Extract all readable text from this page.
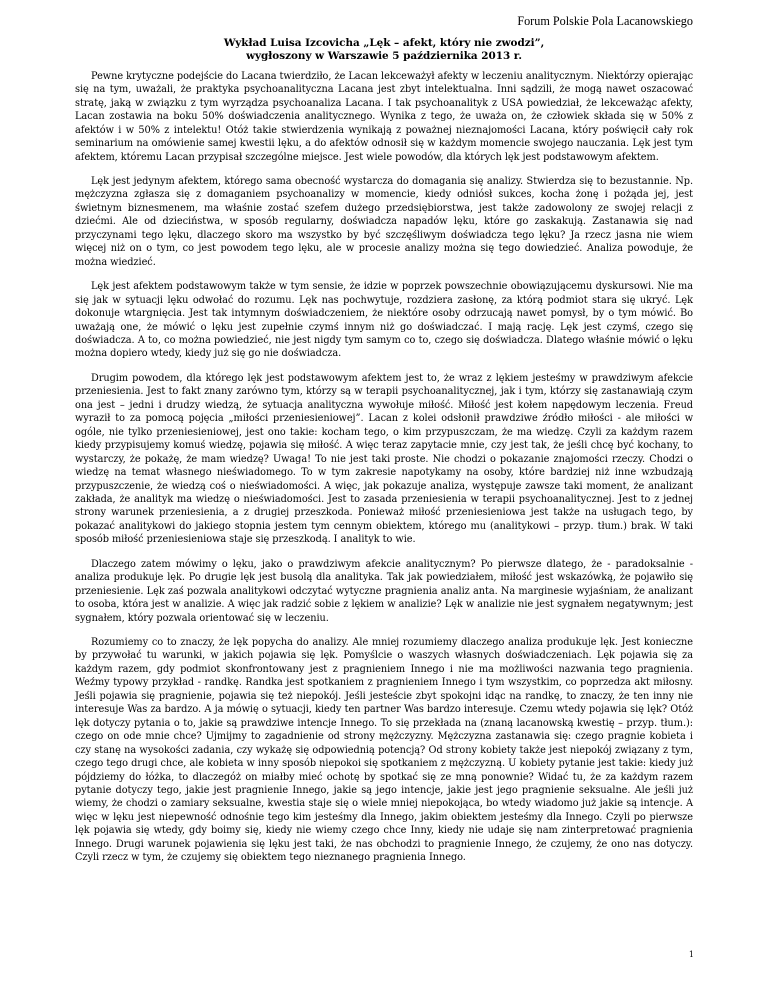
Forum Polskie Pola Lacanowskiego
Wykład Luisa Izcovicha „Lęk – afekt, który nie zwodzi”,
wygłoszony w Warszawie 5 października 2013 r.

Pewne krytyczne podejście do Lacana twierdziło, że Lacan lekceważył afekty w leczeniu analitycznym. Niektórzy opierając się na tym, uważali, że praktyka psychoanalityczna Lacana jest zbyt intelektualna. Inni sądzili, że mogą nawet oszacować stratę, jaką w związku z tym wyrządza psychoanaliza Lacana. I tak psychoanalityk z USA powiedział, że lekceważąc afekty, Lacan zostawia na boku 50% doświadczenia analitycznego. Wynika z tego, że uważa on, że człowiek składa się w 50% z afektów i w 50% z intelektu! Otóż takie stwierdzenia wynikają z poważnej nieznajomości Lacana, który poświęcił cały rok seminarium na omówienie samej kwestii lęku, a do afektów odnosił się w każdym momencie swojego nauczania. Lęk jest tym afektem, któremu Lacan przypisał szczególne miejsce. Jest wiele powodów, dla których lęk jest podstawowym afektem.

Lęk jest jedynym afektem, którego sama obecność wystarcza do domagania się analizy. Stwierdza się to bezustannie. Np. mężczyzna zgłasza się z domaganiem psychoanalizy w momencie, kiedy odniósł sukces, kocha żonę i pożąda jej, jest świetnym biznesmenem, ma właśnie zostać szefem dużego przedsiębiorstwa, jest także zadowolony ze swojej relacji z dziećmi. Ale od dzieciństwa, w sposób regularny, doświadcza napadów lęku, które go zaskakują. Zastanawia się nad przyczynami tego lęku, dlaczego skoro ma wszystko by być szczęśliwym doświadcza tego lęku? Ja rzecz jasna nie wiem więcej niż on o tym, co jest powodem tego lęku, ale w procesie analizy można się tego dowiedzieć. Analiza powoduje, że można wiedzieć.

Lęk jest afektem podstawowym także w tym sensie, że idzie w poprzek powszechnie obowiązującemu dyskursowi. Nie ma się jak w sytuacji lęku odwołać do rozumu. Lęk nas pochwytuje, rozdziera zasłonę, za którą podmiot stara się ukryć. Lęk dokonuje wtargnięcia. Jest tak intymnym doświadczeniem, że niektóre osoby odrzucają nawet pomysł, by o tym mówić. Bo uważają one, że mówić o lęku jest zupełnie czymś innym niż go doświadczać. I mają rację. Lęk jest czymś, czego się doświadcza. A to, co można powiedzieć, nie jest nigdy tym samym co to, czego się doświadcza. Dlatego właśnie mówić o lęku można dopiero wtedy, kiedy już się go nie doświadcza.

Drugim powodem, dla którego lęk jest podstawowym afektem jest to, że wraz z lękiem jesteśmy w prawdziwym afekcie przeniesienia. Jest to fakt znany zarówno tym, którzy są w terapii psychoanalitycznej, jak i tym, którzy się zastanawiają czym ona jest – jedni i drudzy wiedzą, że sytuacja analityczna wywołuje miłość. Miłość jest kołem napędowym leczenia. Freud wyraził to za pomocą pojęcia „miłości przeniesieniowej”. Lacan z kolei odsłonił prawdziwe źródło miłości - ale miłości w ogóle, nie tylko przeniesieniowej, jest ono takie: kocham tego, o kim przypuszczam, że ma wiedzę. Czyli za każdym razem kiedy przypisujemy komuś wiedzę, pojawia się miłość. A więc teraz zapytacie mnie, czy jest tak, że jeśli chcę być kochany, to wystarczy, że pokażę, że mam wiedzę? Uwaga! To nie jest taki proste. Nie chodzi o pokazanie znajomości rzeczy. Chodzi o wiedzę na temat własnego nieświadomego. To w tym zakresie napotykamy na osoby, które bardziej niż inne wzbudzają przypuszczenie, że wiedzą coś o nieświadomości. A więc, jak pokazuje analiza, występuje zawsze taki moment, że analizant zakłada, że analityk ma wiedzę o nieświadomości. Jest to zasada przeniesienia w terapii psychoanalitycznej. Jest to z jednej strony warunek przeniesienia, a z drugiej przeszkoda. Ponieważ miłość przeniesieniowa jest także na usługach tego, by pokazać analitykowi do jakiego stopnia jestem tym cennym obiektem, którego mu (analitykowi – przyp. tłum.) brak. W taki sposób miłość przeniesieniowa staje się przeszkodą. I analityk to wie.

Dlaczego zatem mówimy o lęku, jako o prawdziwym afekcie analitycznym? Po pierwsze dlatego, że - paradoksalnie - analiza produkuje lęk. Po drugie lęk jest busolą dla analityka. Tak jak powiedziałem, miłość jest wskazówką, że pojawiło się przeniesienie. Lęk zaś pozwala analitykowi odczytać wytyczne pragnienia analiz anta. Na marginesie wyjaśniam, że analizant to osoba, która jest w analizie. A więc jak radzić sobie z lękiem w analizie? Lęk w analizie nie jest sygnałem negatywnym; jest sygnałem, który pozwala orientować się w leczeniu.

Rozumiemy co to znaczy, że lęk popycha do analizy. Ale mniej rozumiemy dlaczego analiza produkuje lęk. Jest konieczne by przywołać tu warunki, w jakich pojawia się lęk. Pomyślcie o waszych własnych doświadczeniach. Lęk pojawia się za każdym razem, gdy podmiot skonfrontowany jest z pragnieniem Innego i nie ma możliwości nazwania tego pragnienia. Weźmy typowy przykład - randkę. Randka jest spotkaniem z pragnieniem Innego i tym wszystkim, co poprzedza akt miłosny. Jeśli pojawia się pragnienie, pojawia się też niepokój. Jeśli jesteście zbyt spokojni idąc na randkę, to znaczy, że ten inny nie interesuje Was za bardzo. A ja mówię o sytuacji, kiedy ten partner Was bardzo interesuje. Czemu wtedy pojawia się lęk? Otóż lęk dotyczy pytania o to, jakie są prawdziwe intencje Innego. To się przekłada na (znaną lacanowską kwestię – przyp. tłum.): czego on ode mnie chce? Ujmijmy to zagadnienie od strony mężczyzny. Mężczyzna zastanawia się: czego pragnie kobieta i czy stanę na wysokości zadania, czy wykażę się odpowiednią potencją? Od strony kobiety także jest niepokój związany z tym, czego tego drugi chce, ale kobieta w inny sposób niepokoi się spotkaniem z mężczyzną. U kobiety pytanie jest takie: kiedy już pójdziemy do łóżka, to dlaczegóż on miałby mieć ochotę by spotkać się ze mną ponownie? Widać tu, że za każdym razem pytanie dotyczy tego, jakie jest pragnienie Innego, jakie są jego intencje, jakie jest jego pragnienie seksualne. Ale jeśli już wiemy, że chodzi o zamiary seksualne, kwestia staje się o wiele mniej niepokojąca, bo wtedy wiadomo już jakie są intencje. A więc w lęku jest niepewność odnośnie tego kim jesteśmy dla Innego, jakim obiektem jesteśmy dla Innego. Czyli po pierwsze lęk pojawia się wtedy, gdy boimy się, kiedy nie wiemy czego chce Inny, kiedy nie udaje się nam zinterpretować pragnienia Innego. Drugi warunek pojawienia się lęku jest taki, że nas obchodzi to pragnienie Innego, że czujemy, że ono nas dotyczy. Czyli rzecz w tym, że czujemy się obiektem tego nieznanego pragnienia Innego.

1
